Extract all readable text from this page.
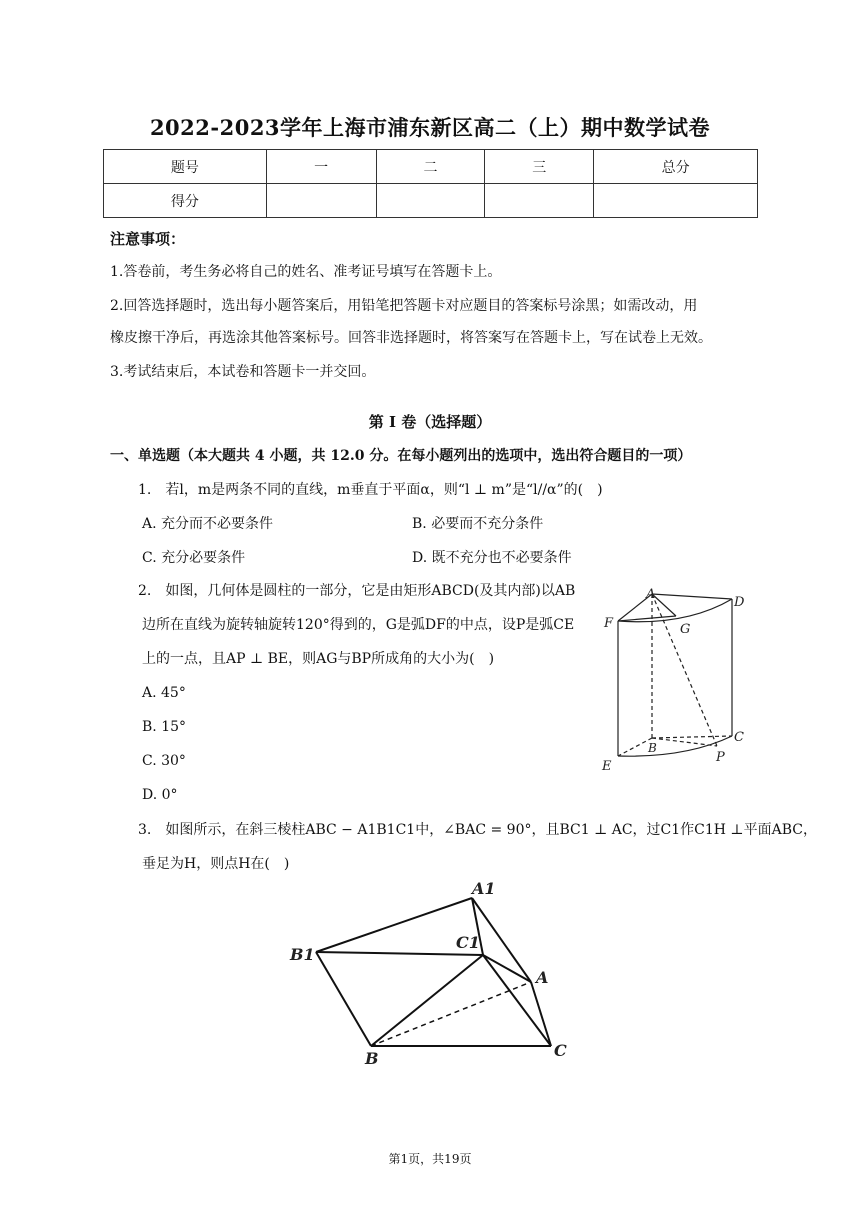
2022-2023学年上海市浦东新区高二（上）期中数学试卷
题号	一	二	三	总分
得分				
注意事项：
1.答卷前，考生务必将自己的姓名、准考证号填写在答题卡上。
2.回答选择题时，选出每小题答案后，用铅笔把答题卡对应题目的答案标号涂黑；如需改动，用
橡皮擦干净后，再选涂其他答案标号。回答非选择题时，将答案写在答题卡上，写在试卷上无效。
3.考试结束后，本试卷和答题卡一并交回。
第 I 卷（选择题）
一、单选题（本大题共 4 小题，共 12.0 分。在每小题列出的选项中，选出符合题目的一项）
1.　若l，m是两条不同的直线，m垂直于平面α，则“l ⊥ m”是“l//α”的(　)
A. 充分而不必要条件	B. 必要而不充分条件
C. 充分必要条件	D. 既不充分也不必要条件
2.　如图，几何体是圆柱的一部分，它是由矩形ABCD(及其内部)以AB
边所在直线为旋转轴旋转120°得到的，G是弧DF的中点，设P是弧CE
上的一点，且AP ⊥ BE，则AG与BP所成角的大小为(　)
A. 45°
B. 15°
C. 30°
D. 0°
A
D
F	G
B
C
E
P
3.　如图所示，在斜三棱柱ABC − A1B1C1中，∠BAC = 90°，且BC1 ⊥ AC，过C1作C1H ⊥平面ABC，
垂足为H，则点H在(　)
A1
B1
C1
A
B	C
第1页，共19页
